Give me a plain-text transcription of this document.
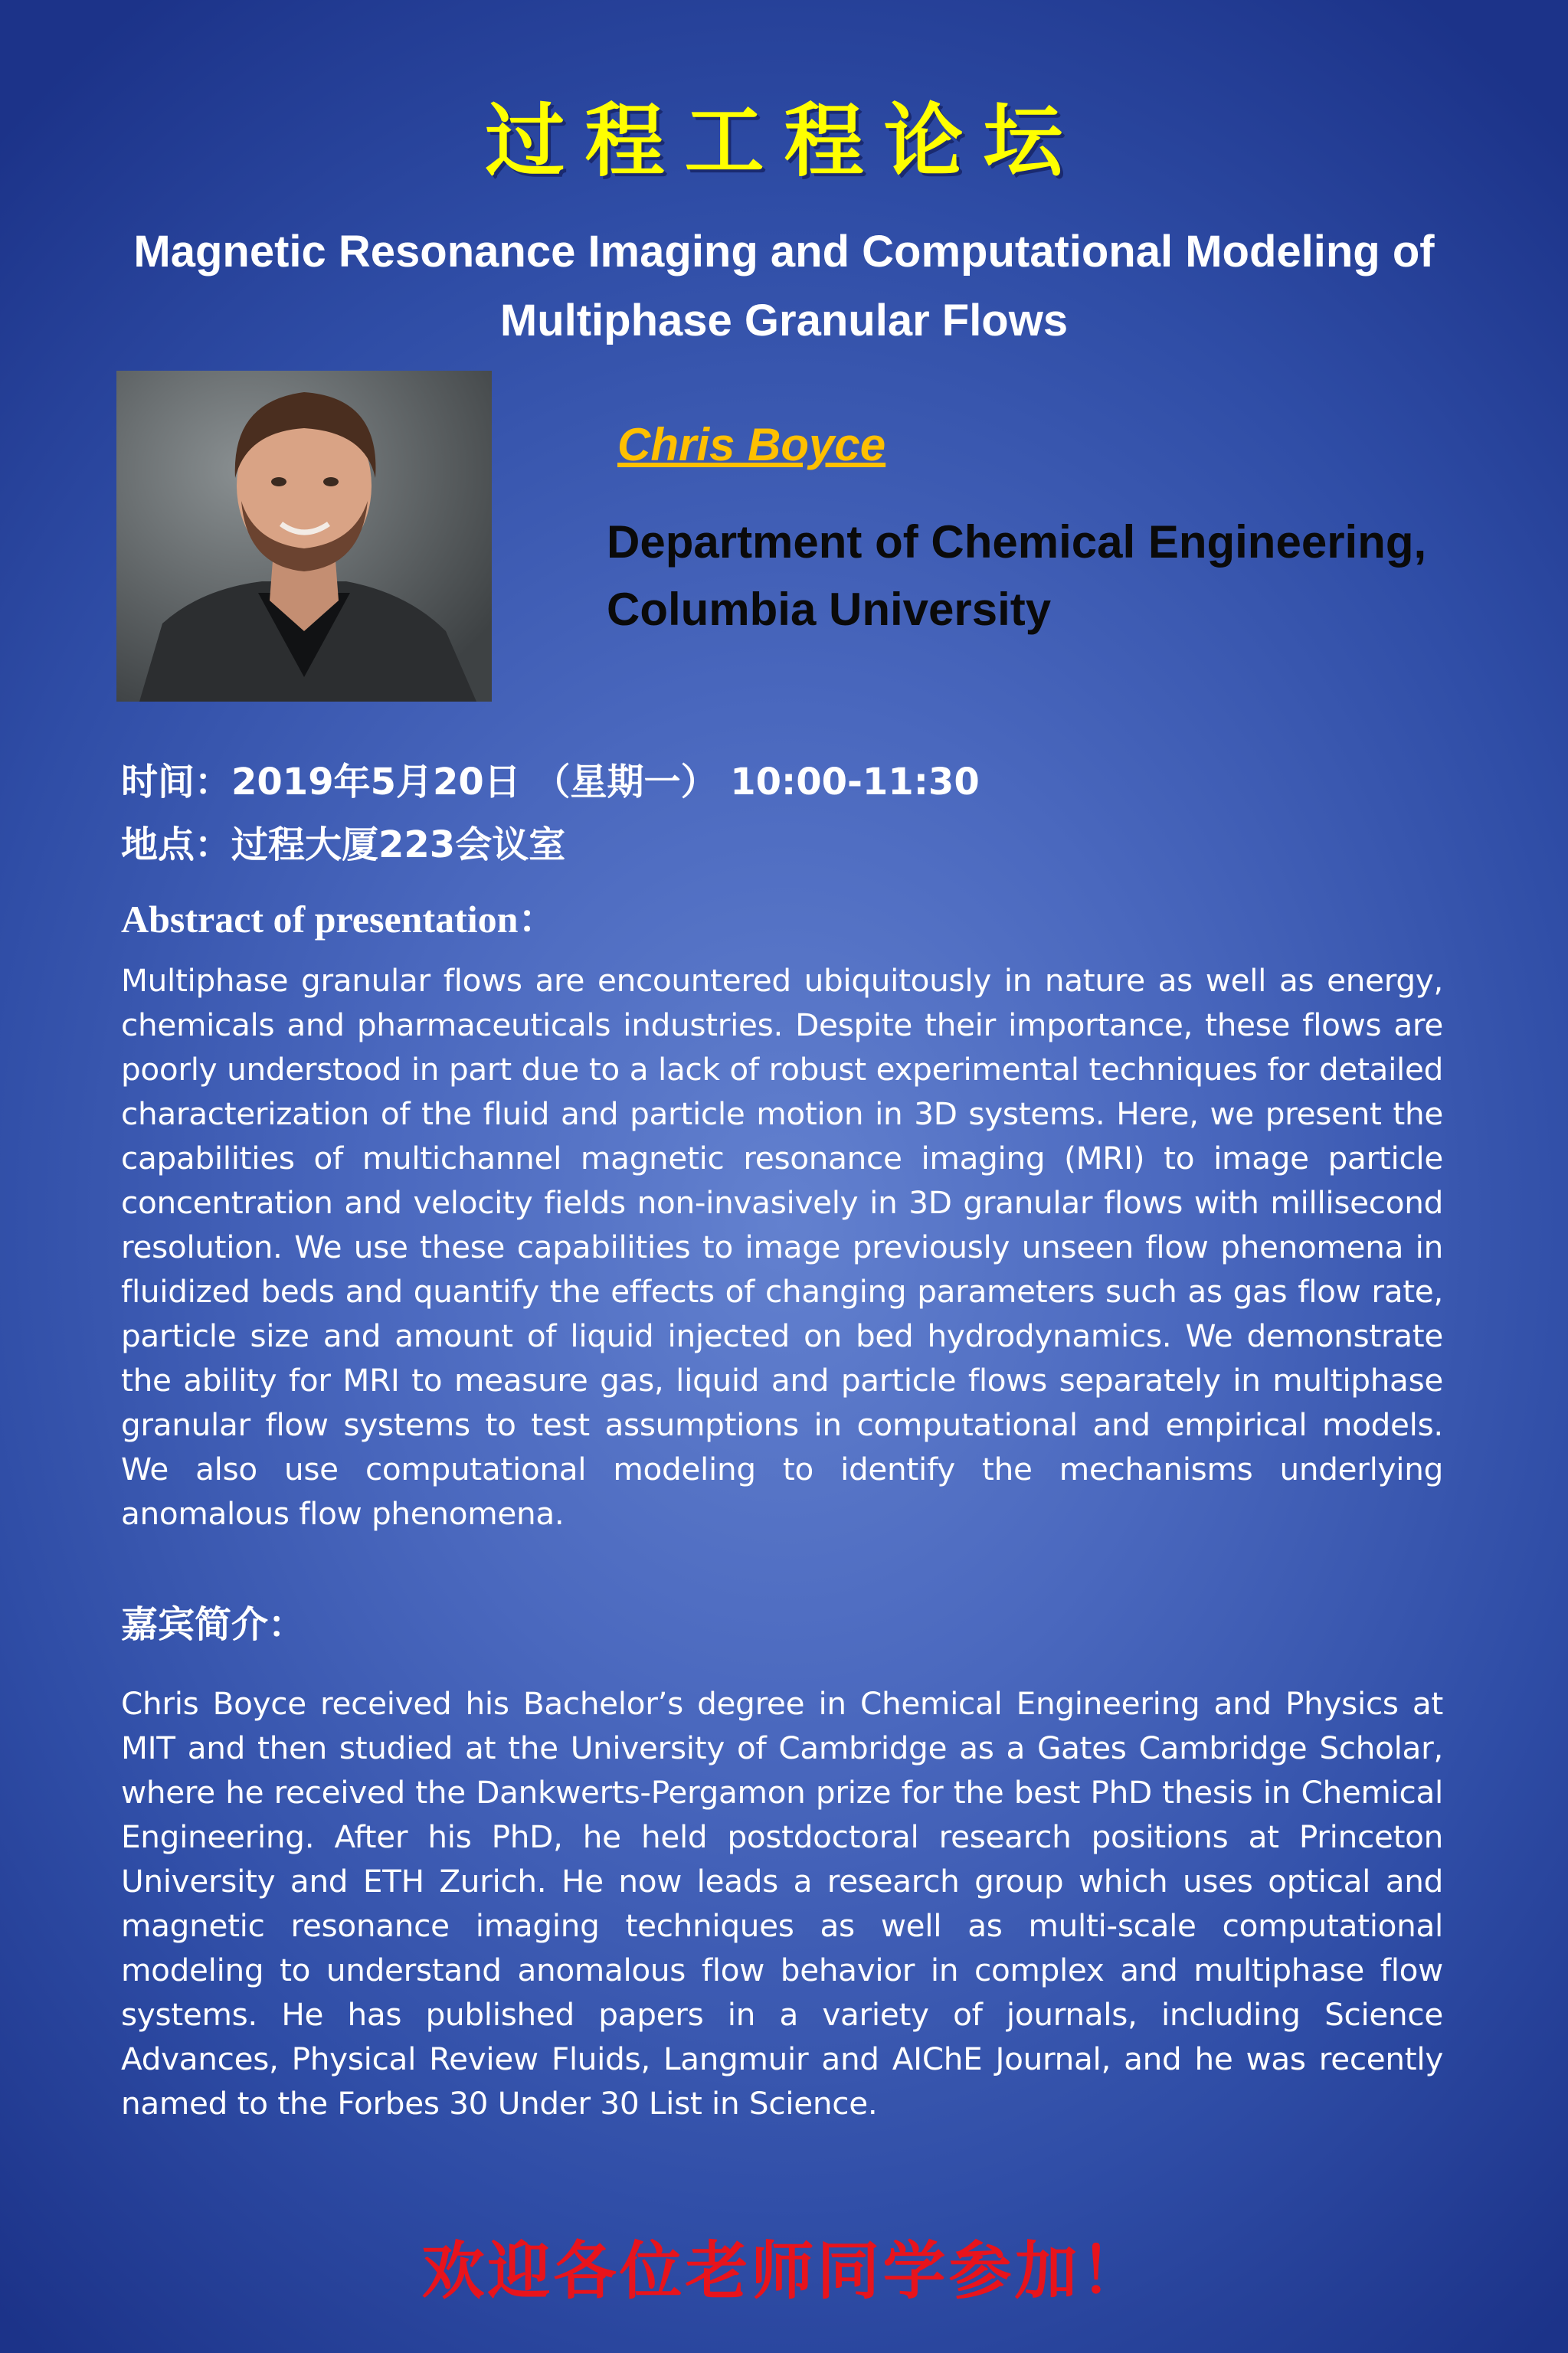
过程工程论坛
Magnetic Resonance Imaging and Computational Modeling of
Multiphase Granular Flows
Chris Boyce
Department of Chemical Engineering,
Columbia University
时间：2019年5月20日 （星期一） 10:00-11:30
地点：过程大厦223会议室
Abstract of presentation：
Multiphase granular flows are encountered ubiquitously in nature as well as energy, chemicals and pharmaceuticals industries. Despite their importance, these flows are poorly understood in part due to a lack of robust experimental techniques for detailed characterization of the fluid and particle motion in 3D systems. Here, we present the capabilities of multichannel magnetic resonance imaging (MRI) to image particle concentration and velocity fields non-invasively in 3D granular flows with millisecond resolution. We use these capabilities to image previously unseen flow phenomena in fluidized beds and quantify the effects of changing parameters such as gas flow rate, particle size and amount of liquid injected on bed hydrodynamics. We demonstrate the ability for MRI to measure gas, liquid and particle flows separately in multiphase granular flow systems to test assumptions in computational and empirical models. We also use computational modeling to identify the mechanisms underlying anomalous flow phenomena.
嘉宾简介：
Chris Boyce received his Bachelor’s degree in Chemical Engineering and Physics at MIT and then studied at the University of Cambridge as a Gates Cambridge Scholar, where he received the Dankwerts-Pergamon prize for the best PhD thesis in Chemical Engineering. After his PhD, he held postdoctoral research positions at Princeton University and ETH Zurich. He now leads a research group which uses optical and magnetic resonance imaging techniques as well as multi-scale computational modeling to understand anomalous flow behavior in complex and multiphase flow systems. He has published papers in a variety of journals, including Science Advances, Physical Review Fluids, Langmuir and AIChE Journal, and he was recently named to the Forbes 30 Under 30 List in Science.
欢迎各位老师同学参加！
